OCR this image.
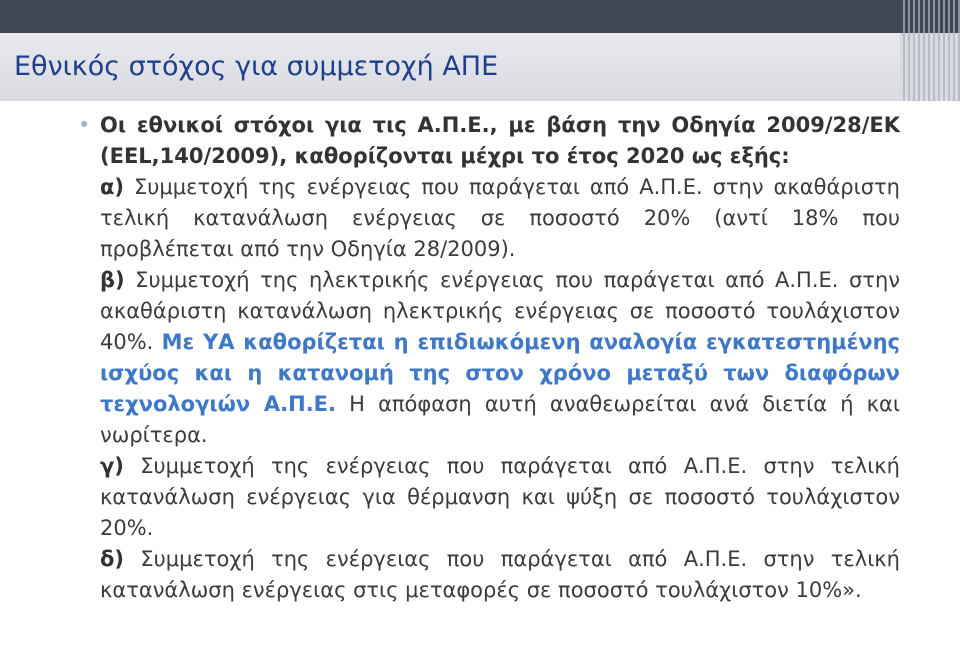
Εθνικός στόχος για συμμετοχή ΑΠΕ
• Οι εθνικοί στόχοι για τις Α.Π.Ε., με βάση την Οδηγία 2009/28/ΕΚ (ΕΕL,140/2009), καθορίζονται μέχρι το έτος 2020 ως εξής:
α) Συμμετοχή της ενέργειας που παράγεται από Α.Π.Ε. στην ακαθάριστη τελική κατανάλωση ενέργειας σε ποσοστό 20% (αντί 18% που προβλέπεται από την Οδηγία 28/2009).
β) Συμμετοχή της ηλεκτρικής ενέργειας που παράγεται από Α.Π.Ε. στην ακαθάριστη κατανάλωση ηλεκτρικής ενέργειας σε ποσοστό τουλάχιστον 40%. Με ΥΑ καθορίζεται η επιδιωκόμενη αναλογία εγκατεστημένης ισχύος και η κατανομή της στον χρόνο μεταξύ των διαφόρων τεχνολογιών Α.Π.Ε. Η απόφαση αυτή αναθεωρείται ανά διετία ή και νωρίτερα.
γ) Συμμετοχή της ενέργειας που παράγεται από Α.Π.Ε. στην τελική κατανάλωση ενέργειας για θέρμανση και ψύξη σε ποσοστό τουλάχιστον 20%.
δ) Συμμετοχή της ενέργειας που παράγεται από Α.Π.Ε. στην τελική κατανάλωση ενέργειας στις μεταφορές σε ποσοστό τουλάχιστον 10%».
